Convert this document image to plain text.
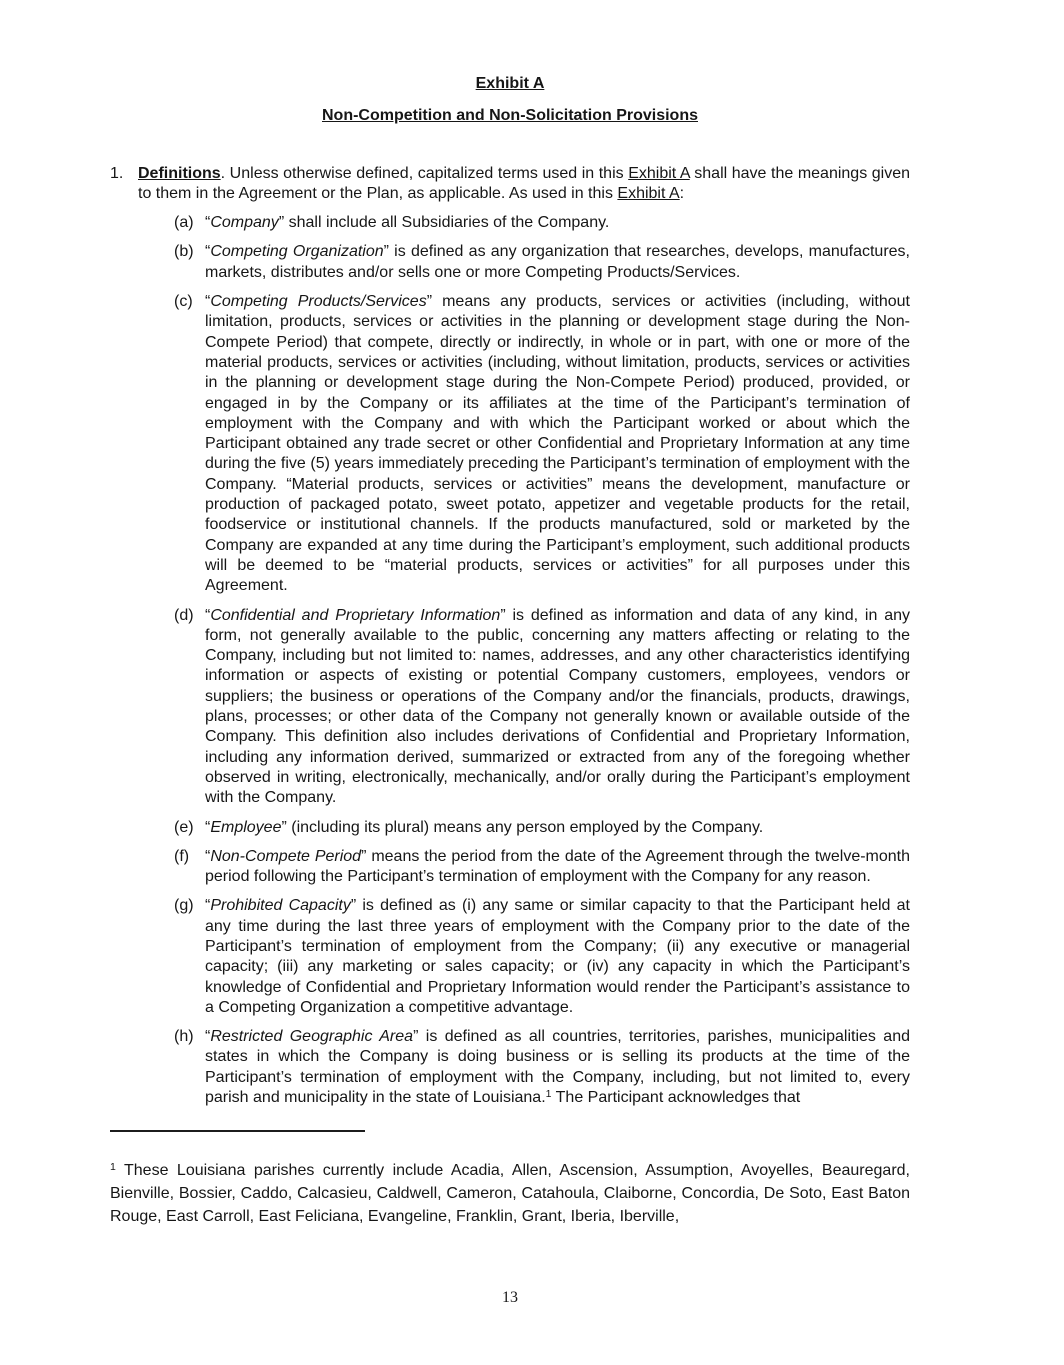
Exhibit A
Non-Competition and Non-Solicitation Provisions

1. Definitions. Unless otherwise defined, capitalized terms used in this Exhibit A shall have the meanings given to them in the Agreement or the Plan, as applicable. As used in this Exhibit A:

(a) “Company” shall include all Subsidiaries of the Company.

(b) “Competing Organization” is defined as any organization that researches, develops, manufactures, markets, distributes and/or sells one or more Competing Products/Services.

(c) “Competing Products/Services” means any products, services or activities (including, without limitation, products, services or activities in the planning or development stage during the Non-Compete Period) that compete, directly or indirectly, in whole or in part, with one or more of the material products, services or activities (including, without limitation, products, services or activities in the planning or development stage during the Non-Compete Period) produced, provided, or engaged in by the Company or its affiliates at the time of the Participant’s termination of employment with the Company and with which the Participant worked or about which the Participant obtained any trade secret or other Confidential and Proprietary Information at any time during the five (5) years immediately preceding the Participant’s termination of employment with the Company. “Material products, services or activities” means the development, manufacture or production of packaged potato, sweet potato, appetizer and vegetable products for the retail, foodservice or institutional channels. If the products manufactured, sold or marketed by the Company are expanded at any time during the Participant’s employment, such additional products will be deemed to be “material products, services or activities” for all purposes under this Agreement.

(d) “Confidential and Proprietary Information” is defined as information and data of any kind, in any form, not generally available to the public, concerning any matters affecting or relating to the Company, including but not limited to: names, addresses, and any other characteristics identifying information or aspects of existing or potential Company customers, employees, vendors or suppliers; the business or operations of the Company and/or the financials, products, drawings, plans, processes; or other data of the Company not generally known or available outside of the Company. This definition also includes derivations of Confidential and Proprietary Information, including any information derived, summarized or extracted from any of the foregoing whether observed in writing, electronically, mechanically, and/or orally during the Participant’s employment with the Company.

(e) “Employee” (including its plural) means any person employed by the Company.

(f) “Non-Compete Period” means the period from the date of the Agreement through the twelve-month period following the Participant’s termination of employment with the Company for any reason.

(g) “Prohibited Capacity” is defined as (i) any same or similar capacity to that the Participant held at any time during the last three years of employment with the Company prior to the date of the Participant’s termination of employment from the Company; (ii) any executive or managerial capacity; (iii) any marketing or sales capacity; or (iv) any capacity in which the Participant’s knowledge of Confidential and Proprietary Information would render the Participant’s assistance to a Competing Organization a competitive advantage.

(h) “Restricted Geographic Area” is defined as all countries, territories, parishes, municipalities and states in which the Company is doing business or is selling its products at the time of the Participant’s termination of employment with the Company, including, but not limited to, every parish and municipality in the state of Louisiana.$^1$ The Participant acknowledges that

$^1$ These Louisiana parishes currently include Acadia, Allen, Ascension, Assumption, Avoyelles, Beauregard, Bienville, Bossier, Caddo, Calcasieu, Caldwell, Cameron, Catahoula, Claiborne, Concordia, De Soto, East Baton Rouge, East Carroll, East Feliciana, Evangeline, Franklin, Grant, Iberia, Iberville,

13
